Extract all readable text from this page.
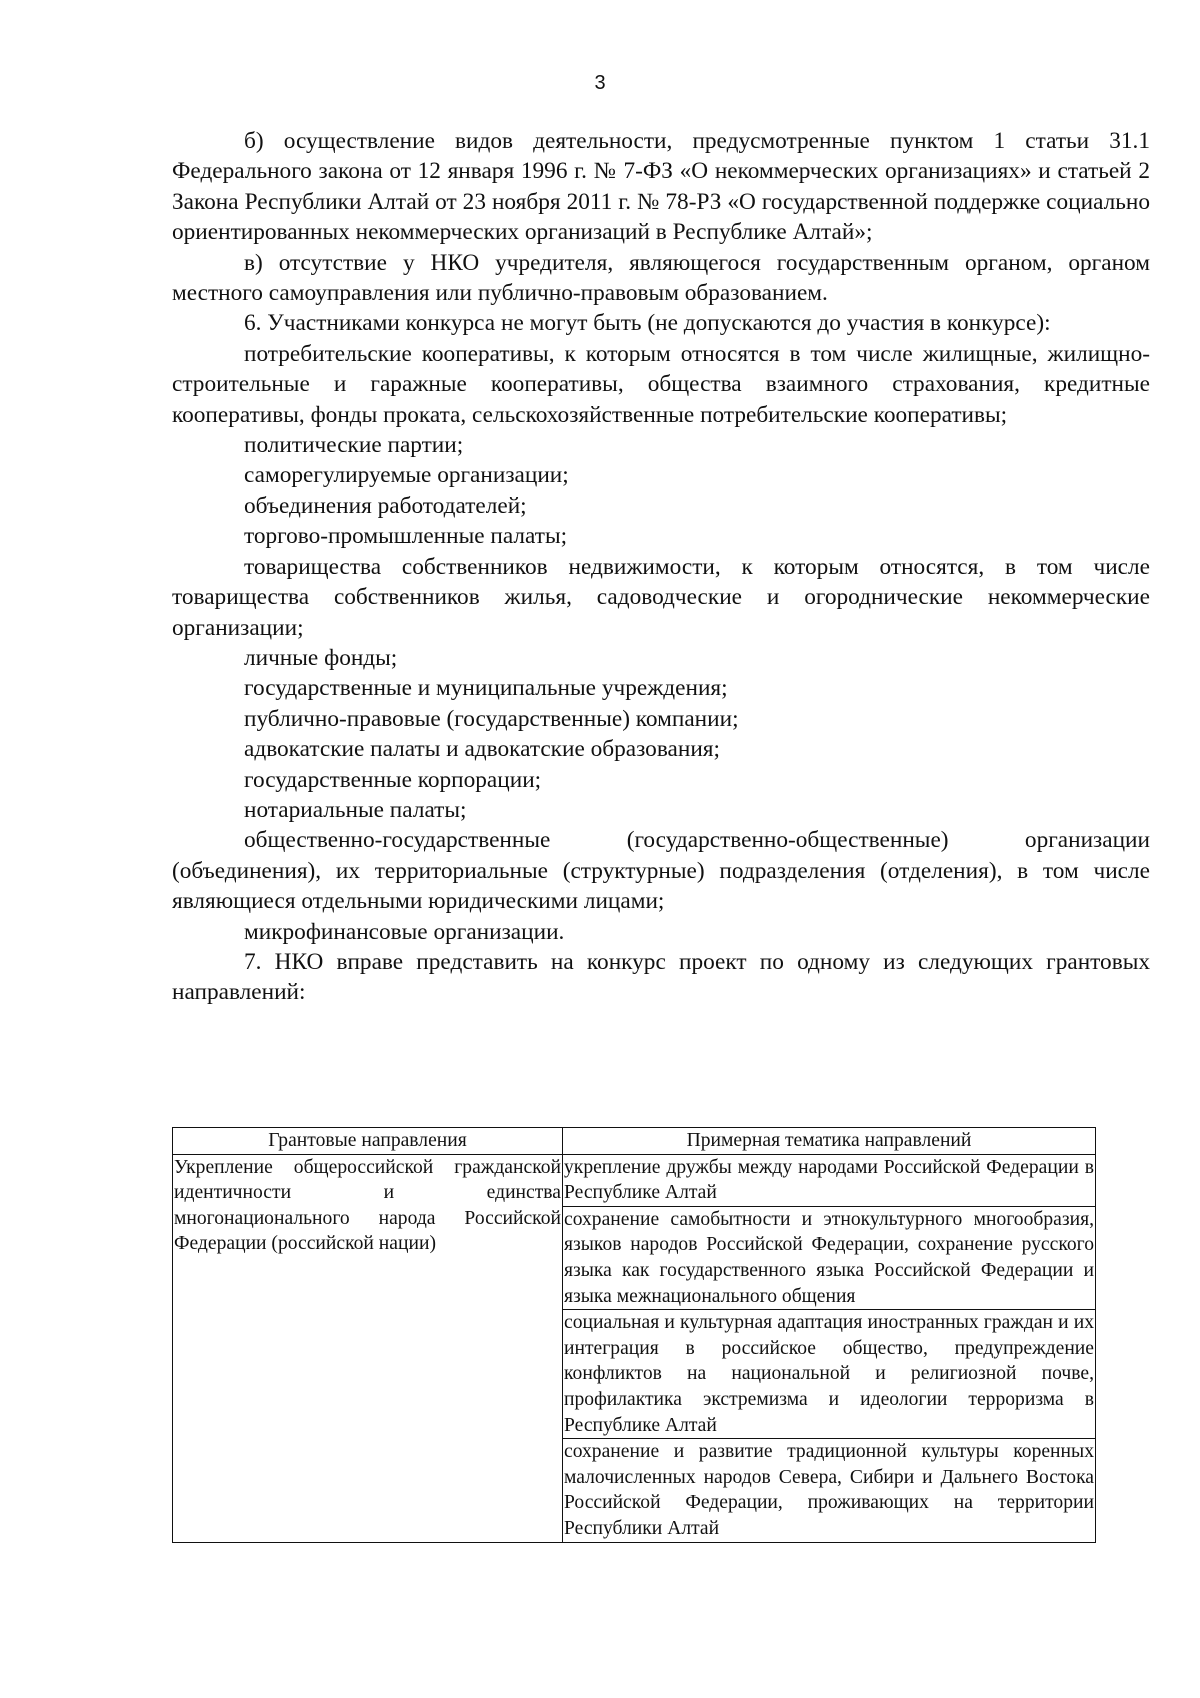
3

б) осуществление видов деятельности, предусмотренные пунктом 1 статьи 31.1 Федерального закона от 12 января 1996 г. № 7-ФЗ «О некоммерческих организациях» и статьей 2 Закона Республики Алтай от 23 ноября 2011 г. № 78-РЗ «О государственной поддержке социально ориентированных некоммерческих организаций в Республике Алтай»;

в) отсутствие у НКО учредителя, являющегося государственным органом, органом местного самоуправления или публично-правовым образованием.

6. Участниками конкурса не могут быть (не допускаются до участия в конкурсе):

потребительские кооперативы, к которым относятся в том числе жилищные, жилищно-строительные и гаражные кооперативы, общества взаимного страхования, кредитные кооперативы, фонды проката, сельскохозяйственные потребительские кооперативы;

политические партии;

саморегулируемые организации;

объединения работодателей;

торгово-промышленные палаты;

товарищества собственников недвижимости, к которым относятся, в том числе товарищества собственников жилья, садоводческие и огороднические некоммерческие организации;

личные фонды;

государственные и муниципальные учреждения;

публично-правовые (государственные) компании;

адвокатские палаты и адвокатские образования;

государственные корпорации;

нотариальные палаты;

общественно-государственные (государственно-общественные) организации (объединения), их территориальные (структурные) подразделения (отделения), в том числе являющиеся отдельными юридическими лицами;

микрофинансовые организации.

7. НКО вправе представить на конкурс проект по одному из следующих грантовых направлений:

Грантовые направления	Примерная тематика направлений
Укрепление общероссийской гражданской идентичности и единства многонационального народа Российской Федерации (российской нации)	укрепление дружбы между народами Российской Федерации в Республике Алтай
	сохранение самобытности и этнокультурного многообразия, языков народов Российской Федерации, сохранение русского языка как государственного языка Российской Федерации и языка межнационального общения
	социальная и культурная адаптация иностранных граждан и их интеграция в российское общество, предупреждение конфликтов на национальной и религиозной почве, профилактика экстремизма и идеологии терроризма в Республике Алтай
	сохранение и развитие традиционной культуры коренных малочисленных народов Севера, Сибири и Дальнего Востока Российской Федерации, проживающих на территории Республики Алтай
